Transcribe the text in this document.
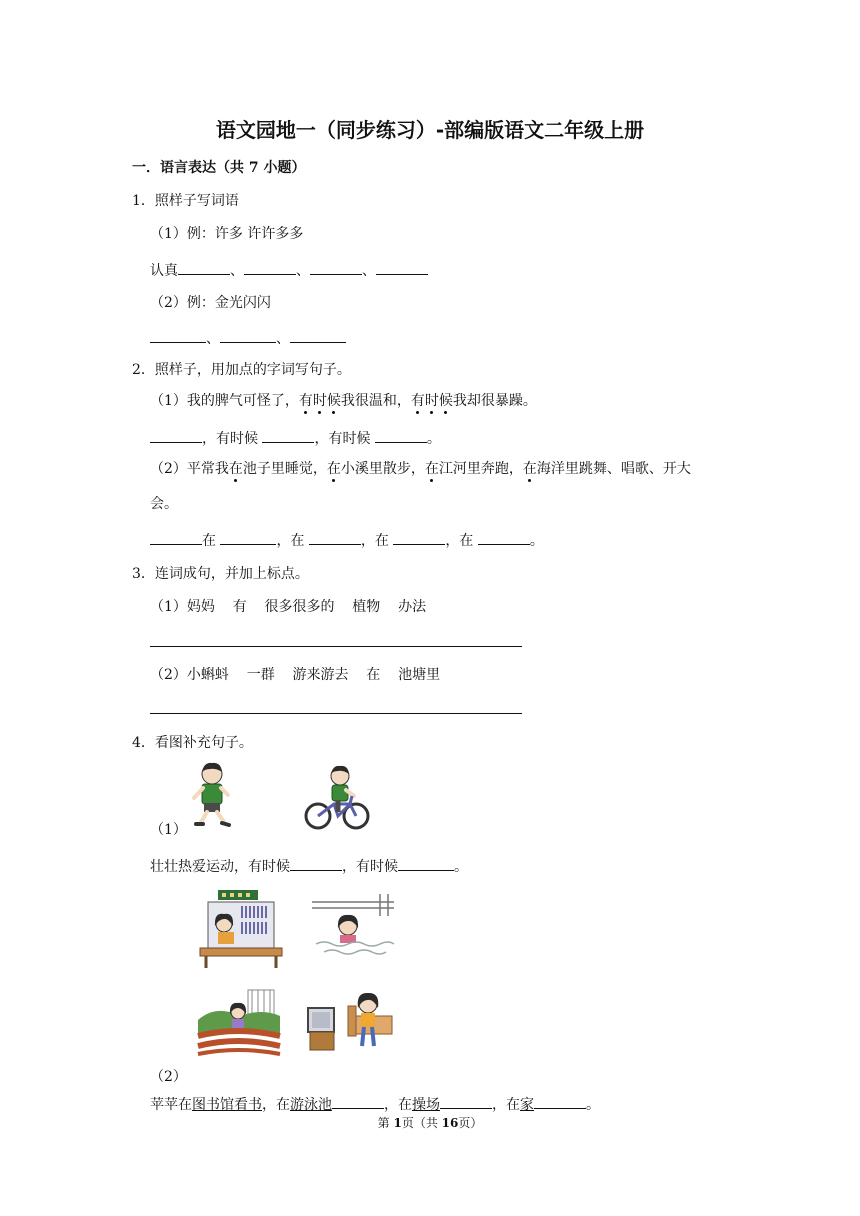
语文园地一（同步练习）-部编版语文二年级上册
一．语言表达（共 7 小题）
1．照样子写词语
（1）例：许多 许许多多
认真	、	、	、
（2）例：金光闪闪
、	、
2．照样子，用加点的字词写句子。
（1）我的脾气可怪了，有时候我很温和，有时候我却很暴躁。
，有时候	，有时候	。
（2）平常我在池子里睡觉，在小溪里散步，在江河里奔跑，在海洋里跳舞、唱歌、开大
会。
在	，在	，在	，在	。
3．连词成句，并加上标点。
（1）妈妈    有    很多很多的    植物    办法
（2）小蝌蚪    一群    游来游去    在    池塘里
4．看图补充句子。
（1）
壮壮热爱运动，有时候	，有时候	。
（2）
苹苹在图书馆看书，在游泳池	，在操场	，在家	。
第 1页（共 16页）
